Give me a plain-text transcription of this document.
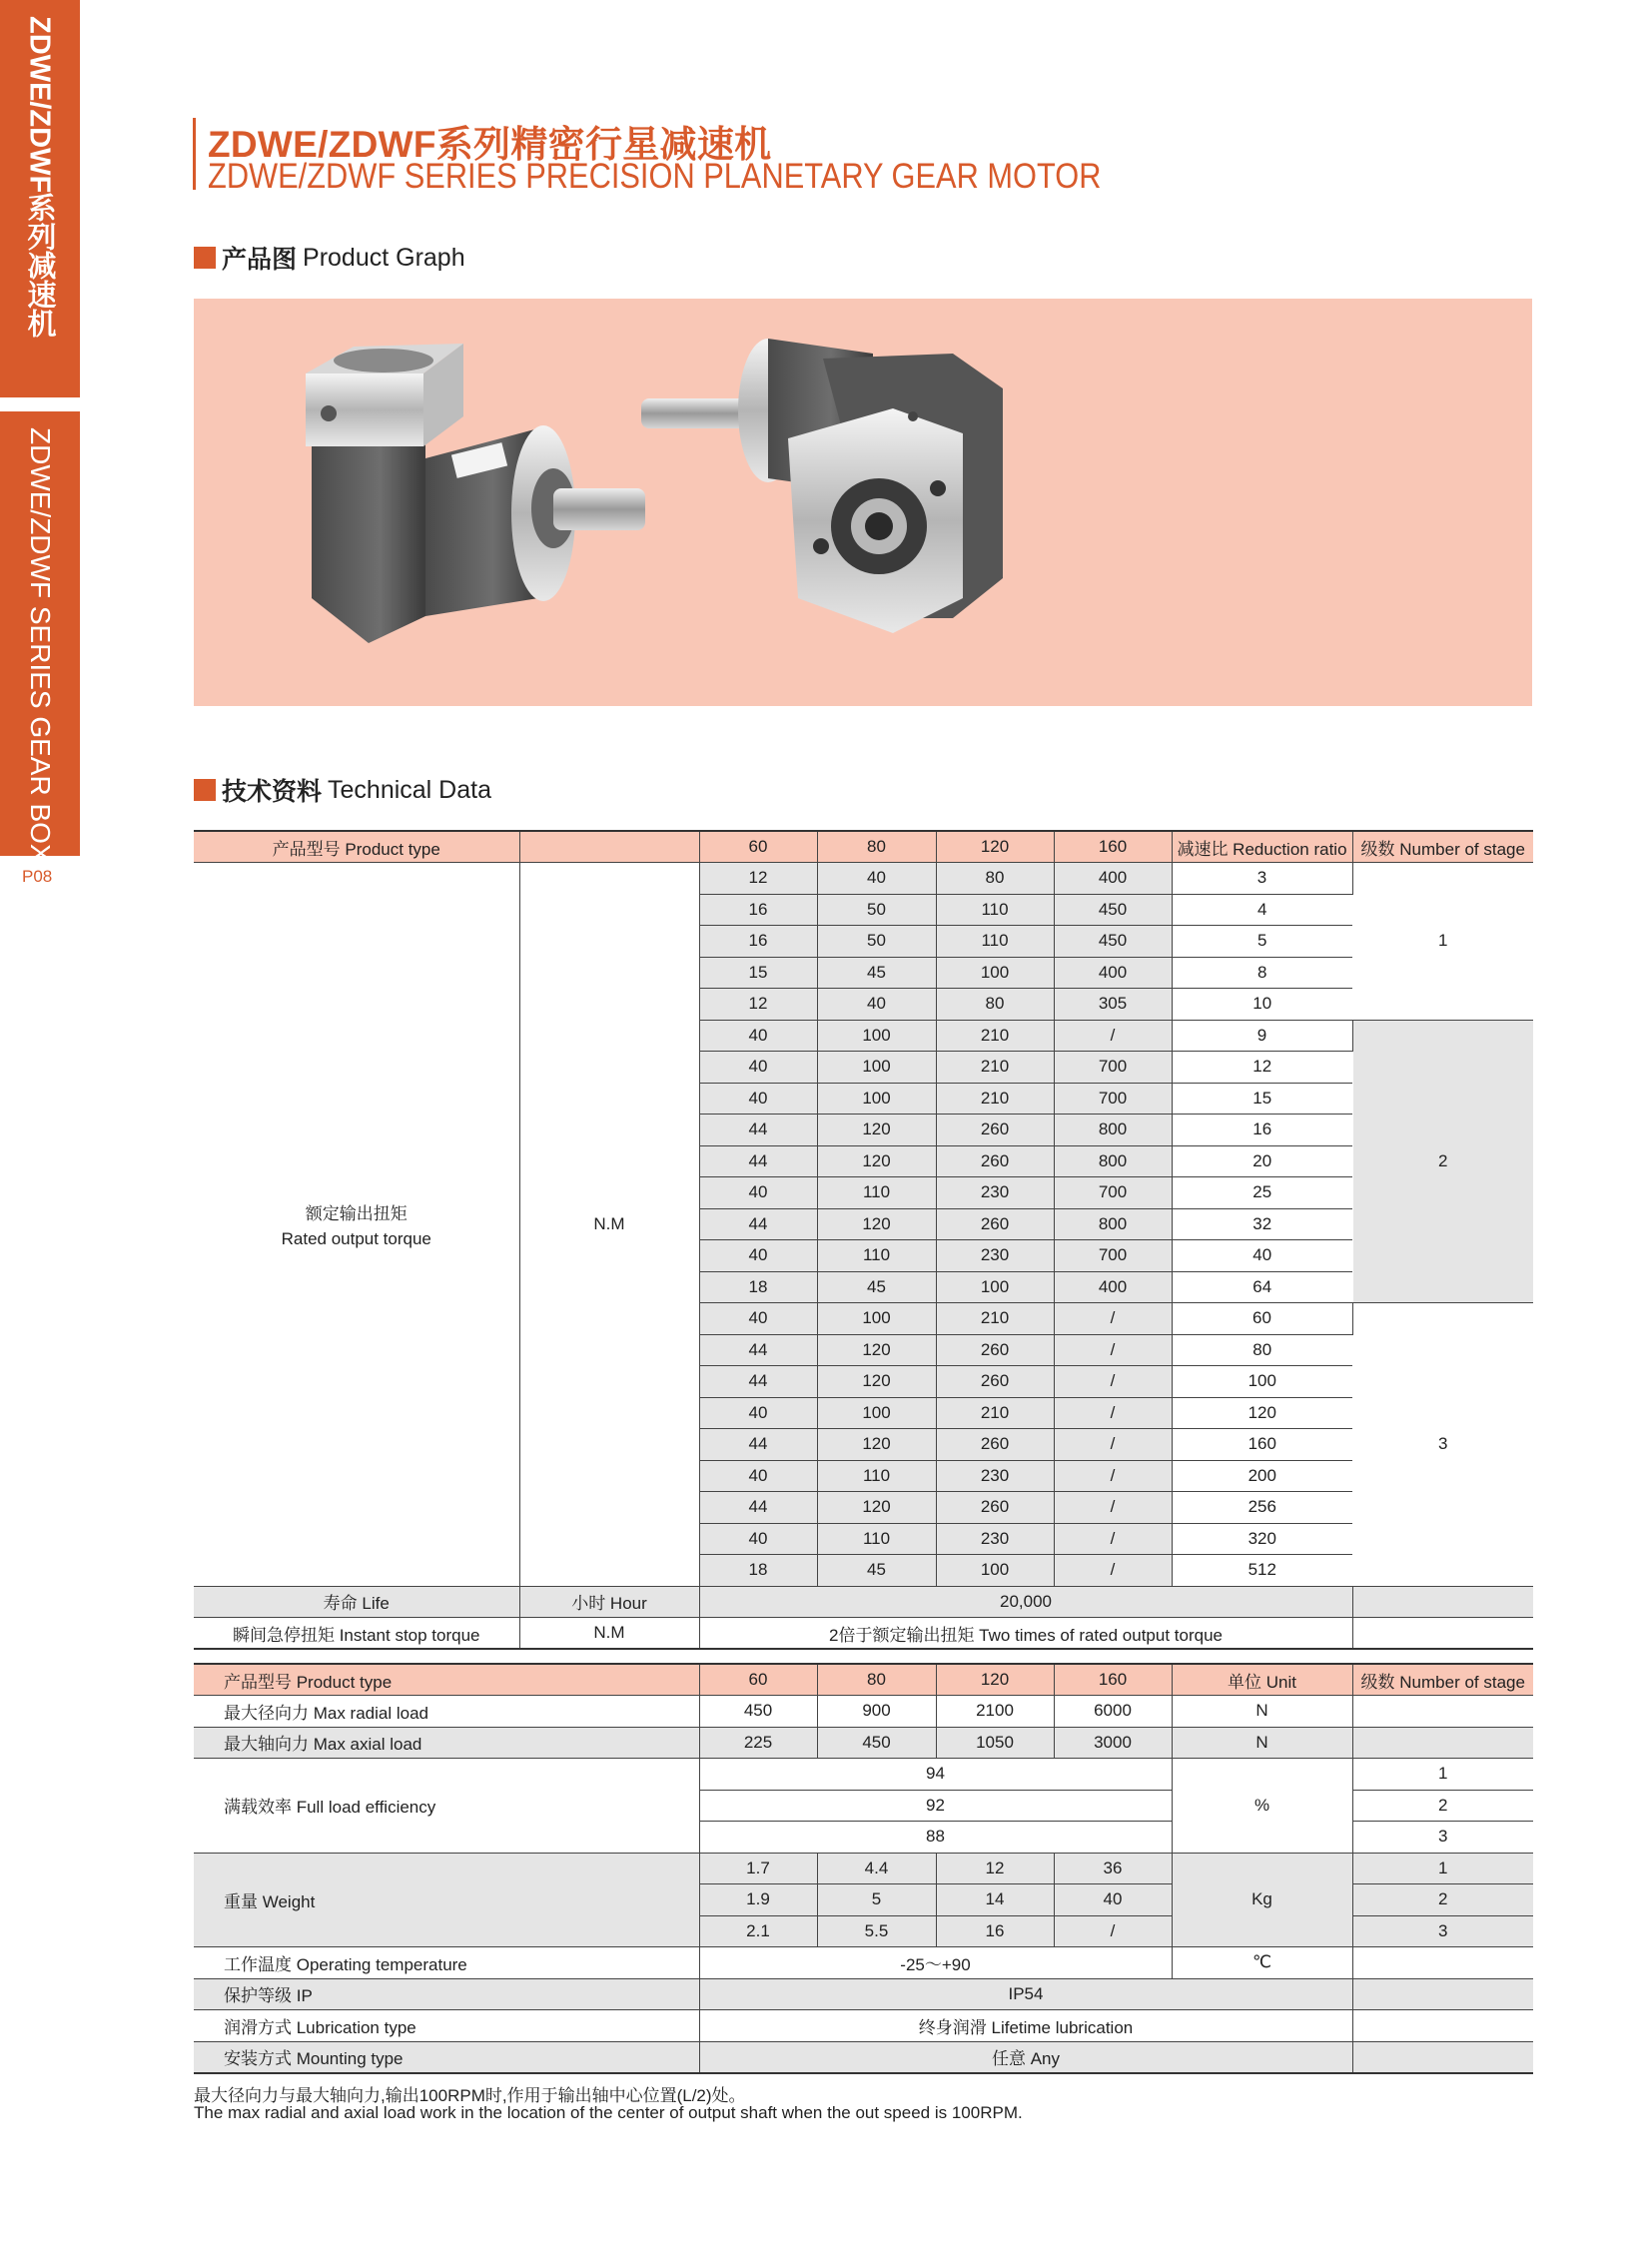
ZDWE/ZDWF系列减速机
ZDWE/ZDWF SERIES GEAR BOX
P08
ZDWE/ZDWF系列精密行星减速机
ZDWE/ZDWF SERIES PRECISION PLANETARY GEAR MOTOR
产品图 Product Graph
技术资料 Technical Data
产品型号 Product type		60	80	120	160	减速比 Reduction ratio	级数 Number of stage

额定输出扭矩
Rated output torque	N.M	12	40	80	400	3	1
		16	50	110	450	4	
		16	50	110	450	5	
		15	45	100	400	8	
		12	40	80	305	10	
		40	100	210	/	9	2
		40	100	210	700	12	
		40	100	210	700	15	
		44	120	260	800	16	
		44	120	260	800	20	
		40	110	230	700	25	
		44	120	260	800	32	
		40	110	230	700	40	
		18	45	100	400	64	
		40	100	210	/	60	3
		44	120	260	/	80	
		44	120	260	/	100	
		40	100	210	/	120	
		44	120	260	/	160	
		40	110	230	/	200	
		44	120	260	/	256	
		40	110	230	/	320	
		18	45	100	/	512	
寿命 Life	小时 Hour	20,000					
瞬间急停扭矩 Instant stop torque	N.M	2倍于额定输出扭矩 Two times of rated output torque					
产品型号 Product type	60	80	120	160	单位 Unit	级数 Number of stage
最大径向力 Max radial load	450	900	2100	6000	N	
最大轴向力 Max axial load	225	450	1050	3000	N	
满载效率 Full load efficiency	94				%	1
	92					2
	88					3
重量 Weight	1.7	4.4	12	36	Kg	1
	1.9	5	14	40		2
	2.1	5.5	16	/		3
工作温度 Operating temperature	-25～+90				℃	
保护等级 IP	IP54					
润滑方式 Lubrication type	终身润滑 Lifetime lubrication					
安装方式 Mounting type	任意 Any					
最大径向力与最大轴向力,输出100RPM时,作用于输出轴中心位置(L/2)处。
The max radial and axial load work in the location of the center of output shaft when the out speed is 100RPM.
